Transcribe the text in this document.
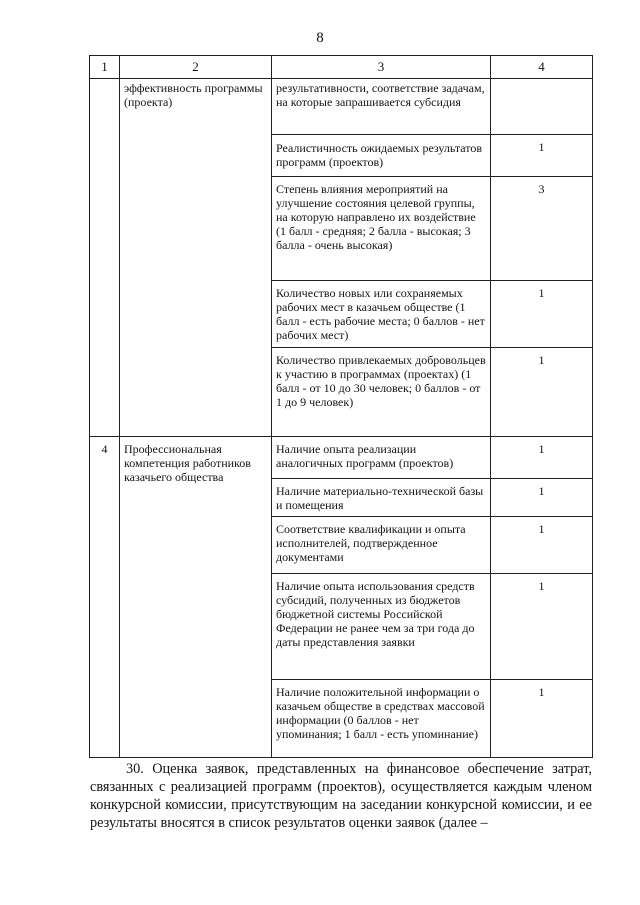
8
1	2	3	4
	эффективность программы (проекта)	результативности, соответствие задачам, на которые запрашивается субсидия	
		Реалистичность ожидаемых результатов программ (проектов)	1
		Степень влияния мероприятий на улучшение состояния целевой группы, на которую направлено их воздействие (1 балл - средняя; 2 балла - высокая; 3 балла - очень высокая)	3
		Количество новых или сохраняемых рабочих мест в казачьем обществе (1 балл - есть рабочие места; 0 баллов - нет рабочих мест)	1
		Количество привлекаемых добровольцев к участию в программах (проектах) (1 балл - от 10 до 30 человек; 0 баллов - от 1 до 9 человек)	1
4	Профессиональная компетенция работников казачьего общества	Наличие опыта реализации аналогичных программ (проектов)	1
		Наличие материально-технической базы и помещения	1
		Соответствие квалификации и опыта исполнителей, подтвержденное документами	1
		Наличие опыта использования средств субсидий, полученных из бюджетов бюджетной системы Российской Федерации не ранее чем за три года до даты представления заявки	1
		Наличие положительной информации о казачьем обществе в средствах массовой информации (0 баллов - нет упоминания; 1 балл - есть упоминание)	1
30. Оценка заявок, представленных на финансовое обеспечение затрат, связанных с реализацией программ (проектов), осуществляется каждым членом конкурсной комиссии, присутствующим на заседании конкурсной комиссии, и ее результаты вносятся в список результатов оценки заявок (далее –
